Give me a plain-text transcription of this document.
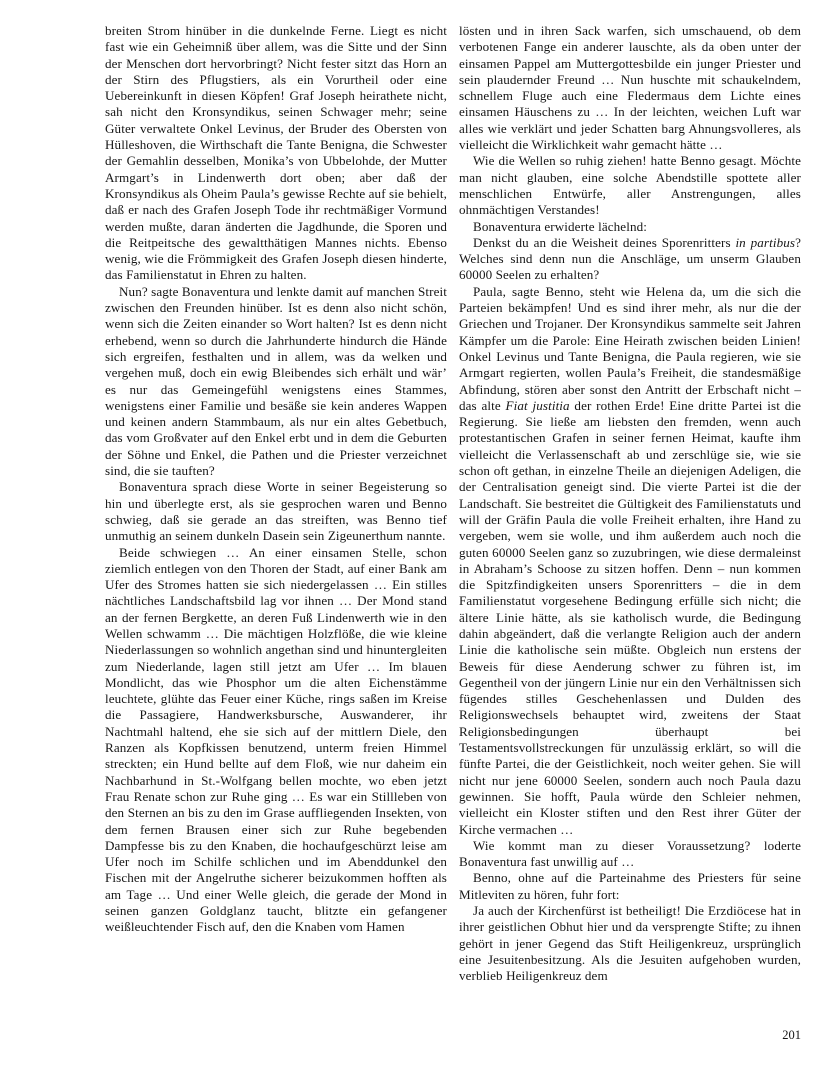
breiten Strom hinüber in die dunkelnde Ferne. Liegt es nicht fast wie ein Geheimniß über allem, was die Sitte und der Sinn der Menschen dort hervorbringt? Nicht fester sitzt das Horn an der Stirn des Pflugstiers, als ein Vorurtheil oder eine Uebereinkunft in diesen Köpfen! Graf Joseph heirathete nicht, sah nicht den Kronsyndikus, seinen Schwager mehr; seine Güter verwaltete Onkel Levinus, der Bruder des Obersten von Hülleshoven, die Wirthschaft die Tante Benigna, die Schwester der Gemahlin desselben, Monika’s von Ubbelohde, der Mutter Armgart’s in Lindenwerth dort oben; aber daß der Kronsyndikus als Oheim Paula’s gewisse Rechte auf sie behielt, daß er nach des Grafen Joseph Tode ihr rechtmäßiger Vormund werden mußte, daran änderten die Jagdhunde, die Sporen und die Reitpeitsche des gewaltthätigen Mannes nichts. Ebenso wenig, wie die Frömmigkeit des Grafen Joseph diesen hinderte, das Familienstatut in Ehren zu halten.

Nun? sagte Bonaventura und lenkte damit auf manchen Streit zwischen den Freunden hinüber. Ist es denn also nicht schön, wenn sich die Zeiten einander so Wort halten? Ist es denn nicht erhebend, wenn so durch die Jahrhunderte hindurch die Hände sich ergreifen, festhalten und in allem, was da welken und vergehen muß, doch ein ewig Bleibendes sich erhält und wär’ es nur das Gemeingefühl wenigstens eines Stammes, wenigstens einer Familie und besäße sie kein anderes Wappen und keinen andern Stammbaum, als nur ein altes Gebetbuch, das vom Großvater auf den Enkel erbt und in dem die Geburten der Söhne und Enkel, die Pathen und die Priester verzeichnet sind, die sie tauften?

Bonaventura sprach diese Worte in seiner Begeisterung so hin und überlegte erst, als sie gesprochen waren und Benno schwieg, daß sie gerade an das streiften, was Benno tief unmuthig an seinem dunkeln Dasein sein Zigeunerthum nannte.

Beide schwiegen … An einer einsamen Stelle, schon ziemlich entlegen von den Thoren der Stadt, auf einer Bank am Ufer des Stromes hatten sie sich niedergelassen … Ein stilles nächtliches Landschaftsbild lag vor ihnen … Der Mond stand an der fernen Bergkette, an deren Fuß Lindenwerth wie in den Wellen schwamm … Die mächtigen Holzflöße, die wie kleine Niederlassungen so wohnlich angethan sind und hinuntergleiten zum Niederlande, lagen still jetzt am Ufer … Im blauen Mondlicht, das wie Phosphor um die alten Eichenstämme leuchtete, glühte das Feuer einer Küche, rings saßen im Kreise die Passagiere, Handwerksbursche, Auswanderer, ihr Nachtmahl haltend, ehe sie sich auf der mittlern Diele, den Ranzen als Kopfkissen benutzend, unterm freien Himmel streckten; ein Hund bellte auf dem Floß, wie nur daheim ein Nachbarhund in St.-Wolfgang bellen mochte, wo eben jetzt Frau Renate schon zur Ruhe ging … Es war ein Stillleben von den Sternen an bis zu den im Grase auffliegenden Insekten, von dem fernen Brausen einer sich zur Ruhe begebenden Dampfesse bis zu den Knaben, die hochaufgeschürzt leise am Ufer noch im Schilfe schlichen und im Abenddunkel den Fischen mit der Angelruthe sicherer beizukommen hofften als am Tage … Und einer Welle gleich, die gerade der Mond in seinen ganzen Goldglanz taucht, blitzte ein gefangener weißleuchtender Fisch auf, den die Knaben vom Hamen

lösten und in ihren Sack warfen, sich umschauend, ob dem verbotenen Fange ein anderer lauschte, als da oben unter der einsamen Pappel am Muttergottesbilde ein junger Priester und sein plaudernder Freund … Nun huschte mit schaukelndem, schnellem Fluge auch eine Fledermaus dem Lichte eines einsamen Häuschens zu … In der leichten, weichen Luft war alles wie verklärt und jeder Schatten barg Ahnungsvolleres, als vielleicht die Wirklichkeit wahr gemacht hätte …

Wie die Wellen so ruhig ziehen! hatte Benno gesagt. Möchte man nicht glauben, eine solche Abendstille spottete aller menschlichen Entwürfe, aller Anstrengungen, alles ohnmächtigen Verstandes!

Bonaventura erwiderte lächelnd:

Denkst du an die Weisheit deines Sporenritters in partibus? Welches sind denn nun die Anschläge, um unserm Glauben 60000 Seelen zu erhalten?

Paula, sagte Benno, steht wie Helena da, um die sich die Parteien bekämpfen! Und es sind ihrer mehr, als nur die der Griechen und Trojaner. Der Kronsyndikus sammelte seit Jahren Kämpfer um die Parole: Eine Heirath zwischen beiden Linien! Onkel Levinus und Tante Benigna, die Paula regieren, wie sie Armgart regierten, wollen Paula’s Freiheit, die standesmäßige Abfindung, stören aber sonst den Antritt der Erbschaft nicht – das alte Fiat justitia der rothen Erde! Eine dritte Partei ist die Regierung. Sie ließe am liebsten den fremden, wenn auch protestantischen Grafen in seiner fernen Heimat, kaufte ihm vielleicht die Verlassenschaft ab und zerschlüge sie, wie sie schon oft gethan, in einzelne Theile an diejenigen Adeligen, die der Centralisation geneigt sind. Die vierte Partei ist die der Landschaft. Sie bestreitet die Gültigkeit des Familienstatuts und will der Gräfin Paula die volle Freiheit erhalten, ihre Hand zu vergeben, wem sie wolle, und ihm außerdem auch noch die guten 60000 Seelen ganz so zuzubringen, wie diese dermaleinst in Abraham’s Schoose zu sitzen hoffen. Denn – nun kommen die Spitzfindigkeiten unsers Sporenritters – die in dem Familienstatut vorgesehene Bedingung erfülle sich nicht; die ältere Linie hätte, als sie katholisch wurde, die Bedingung dahin abgeändert, daß die verlangte Religion auch der andern Linie die katholische sein müßte. Obgleich nun erstens der Beweis für diese Aenderung schwer zu führen ist, im Gegentheil von der jüngern Linie nur ein den Verhältnissen sich fügendes stilles Geschehenlassen und Dulden des Religionswechsels behauptet wird, zweitens der Staat Religionsbedingungen überhaupt bei Testamentsvollstreckungen für unzulässig erklärt, so will die fünfte Partei, die der Geistlichkeit, noch weiter gehen. Sie will nicht nur jene 60000 Seelen, sondern auch noch Paula dazu gewinnen. Sie hofft, Paula würde den Schleier nehmen, vielleicht ein Kloster stiften und den Rest ihrer Güter der Kirche vermachen …

Wie kommt man zu dieser Voraussetzung? loderte Bonaventura fast unwillig auf …

Benno, ohne auf die Parteinahme des Priesters für seine Mitleviten zu hören, fuhr fort:

Ja auch der Kirchenfürst ist betheiligt! Die Erzdiöcese hat in ihrer geistlichen Obhut hier und da versprengte Stifte; zu ihnen gehört in jener Gegend das Stift Heiligenkreuz, ursprünglich eine Jesuitenbesitzung. Als die Jesuiten aufgehoben wurden, verblieb Heiligenkreuz dem

201
